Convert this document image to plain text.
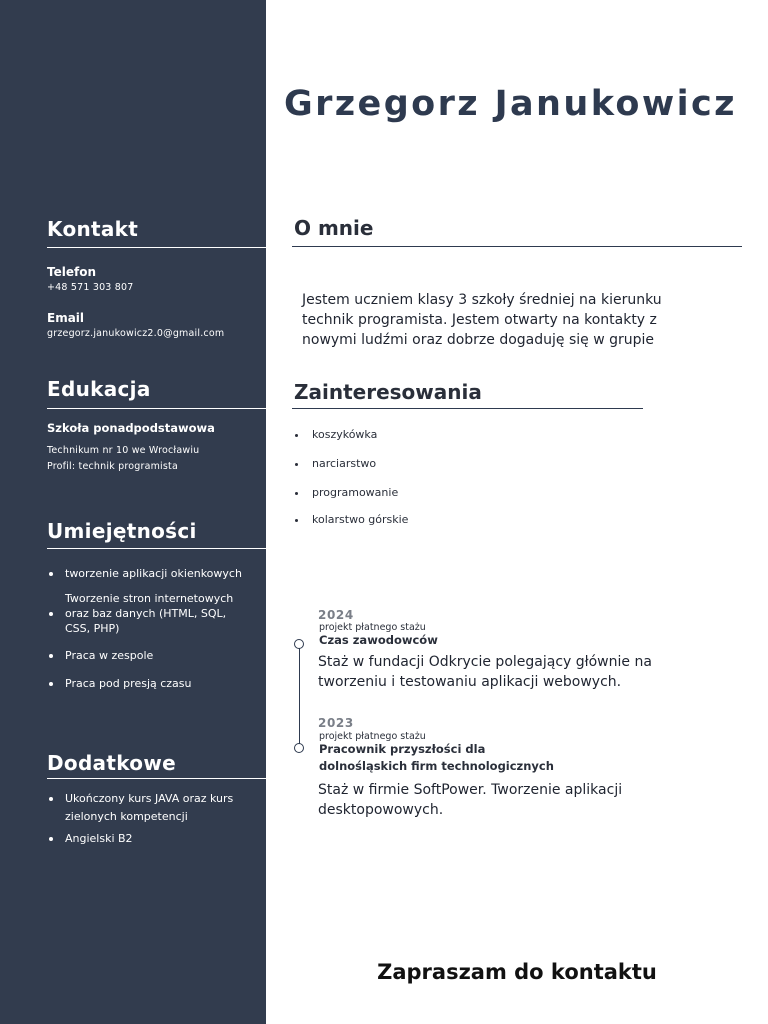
Kontakt
Telefon
+48 571 303 807
Email
grzegorz.janukowicz2.0@gmail.com
Edukacja
Szkoła ponadpodstawowa
Technikum nr 10 we Wrocławiu
Profil: technik programista
Umiejętności
tworzenie aplikacji okienkowych
Tworzenie stron internetowych oraz baz danych (HTML, SQL, CSS, PHP)
Praca w zespole
Praca pod presją czasu
Dodatkowe
Ukończony kurs JAVA oraz kurs zielonych kompetencji
Angielski B2
Grzegorz Janukowicz
O mnie

Jestem uczniem klasy 3 szkoły średniej na kierunku technik programista. Jestem otwarty na kontakty z nowymi ludźmi oraz dobrze dogaduję się w grupie

Zainteresowania
koszykówka
narciarstwo
programowanie
kolarstwo górskie
2024
projekt płatnego stażu
Czas zawodowców

Staż w fundacji Odkrycie polegający głównie na tworzeniu i testowaniu aplikacji webowych.

2023
projekt płatnego stażu
Pracownik przyszłości dla
dolnośląskich firm technologicznych

Staż w firmie SoftPower. Tworzenie aplikacji desktopowowych.

Zapraszam do kontaktu
